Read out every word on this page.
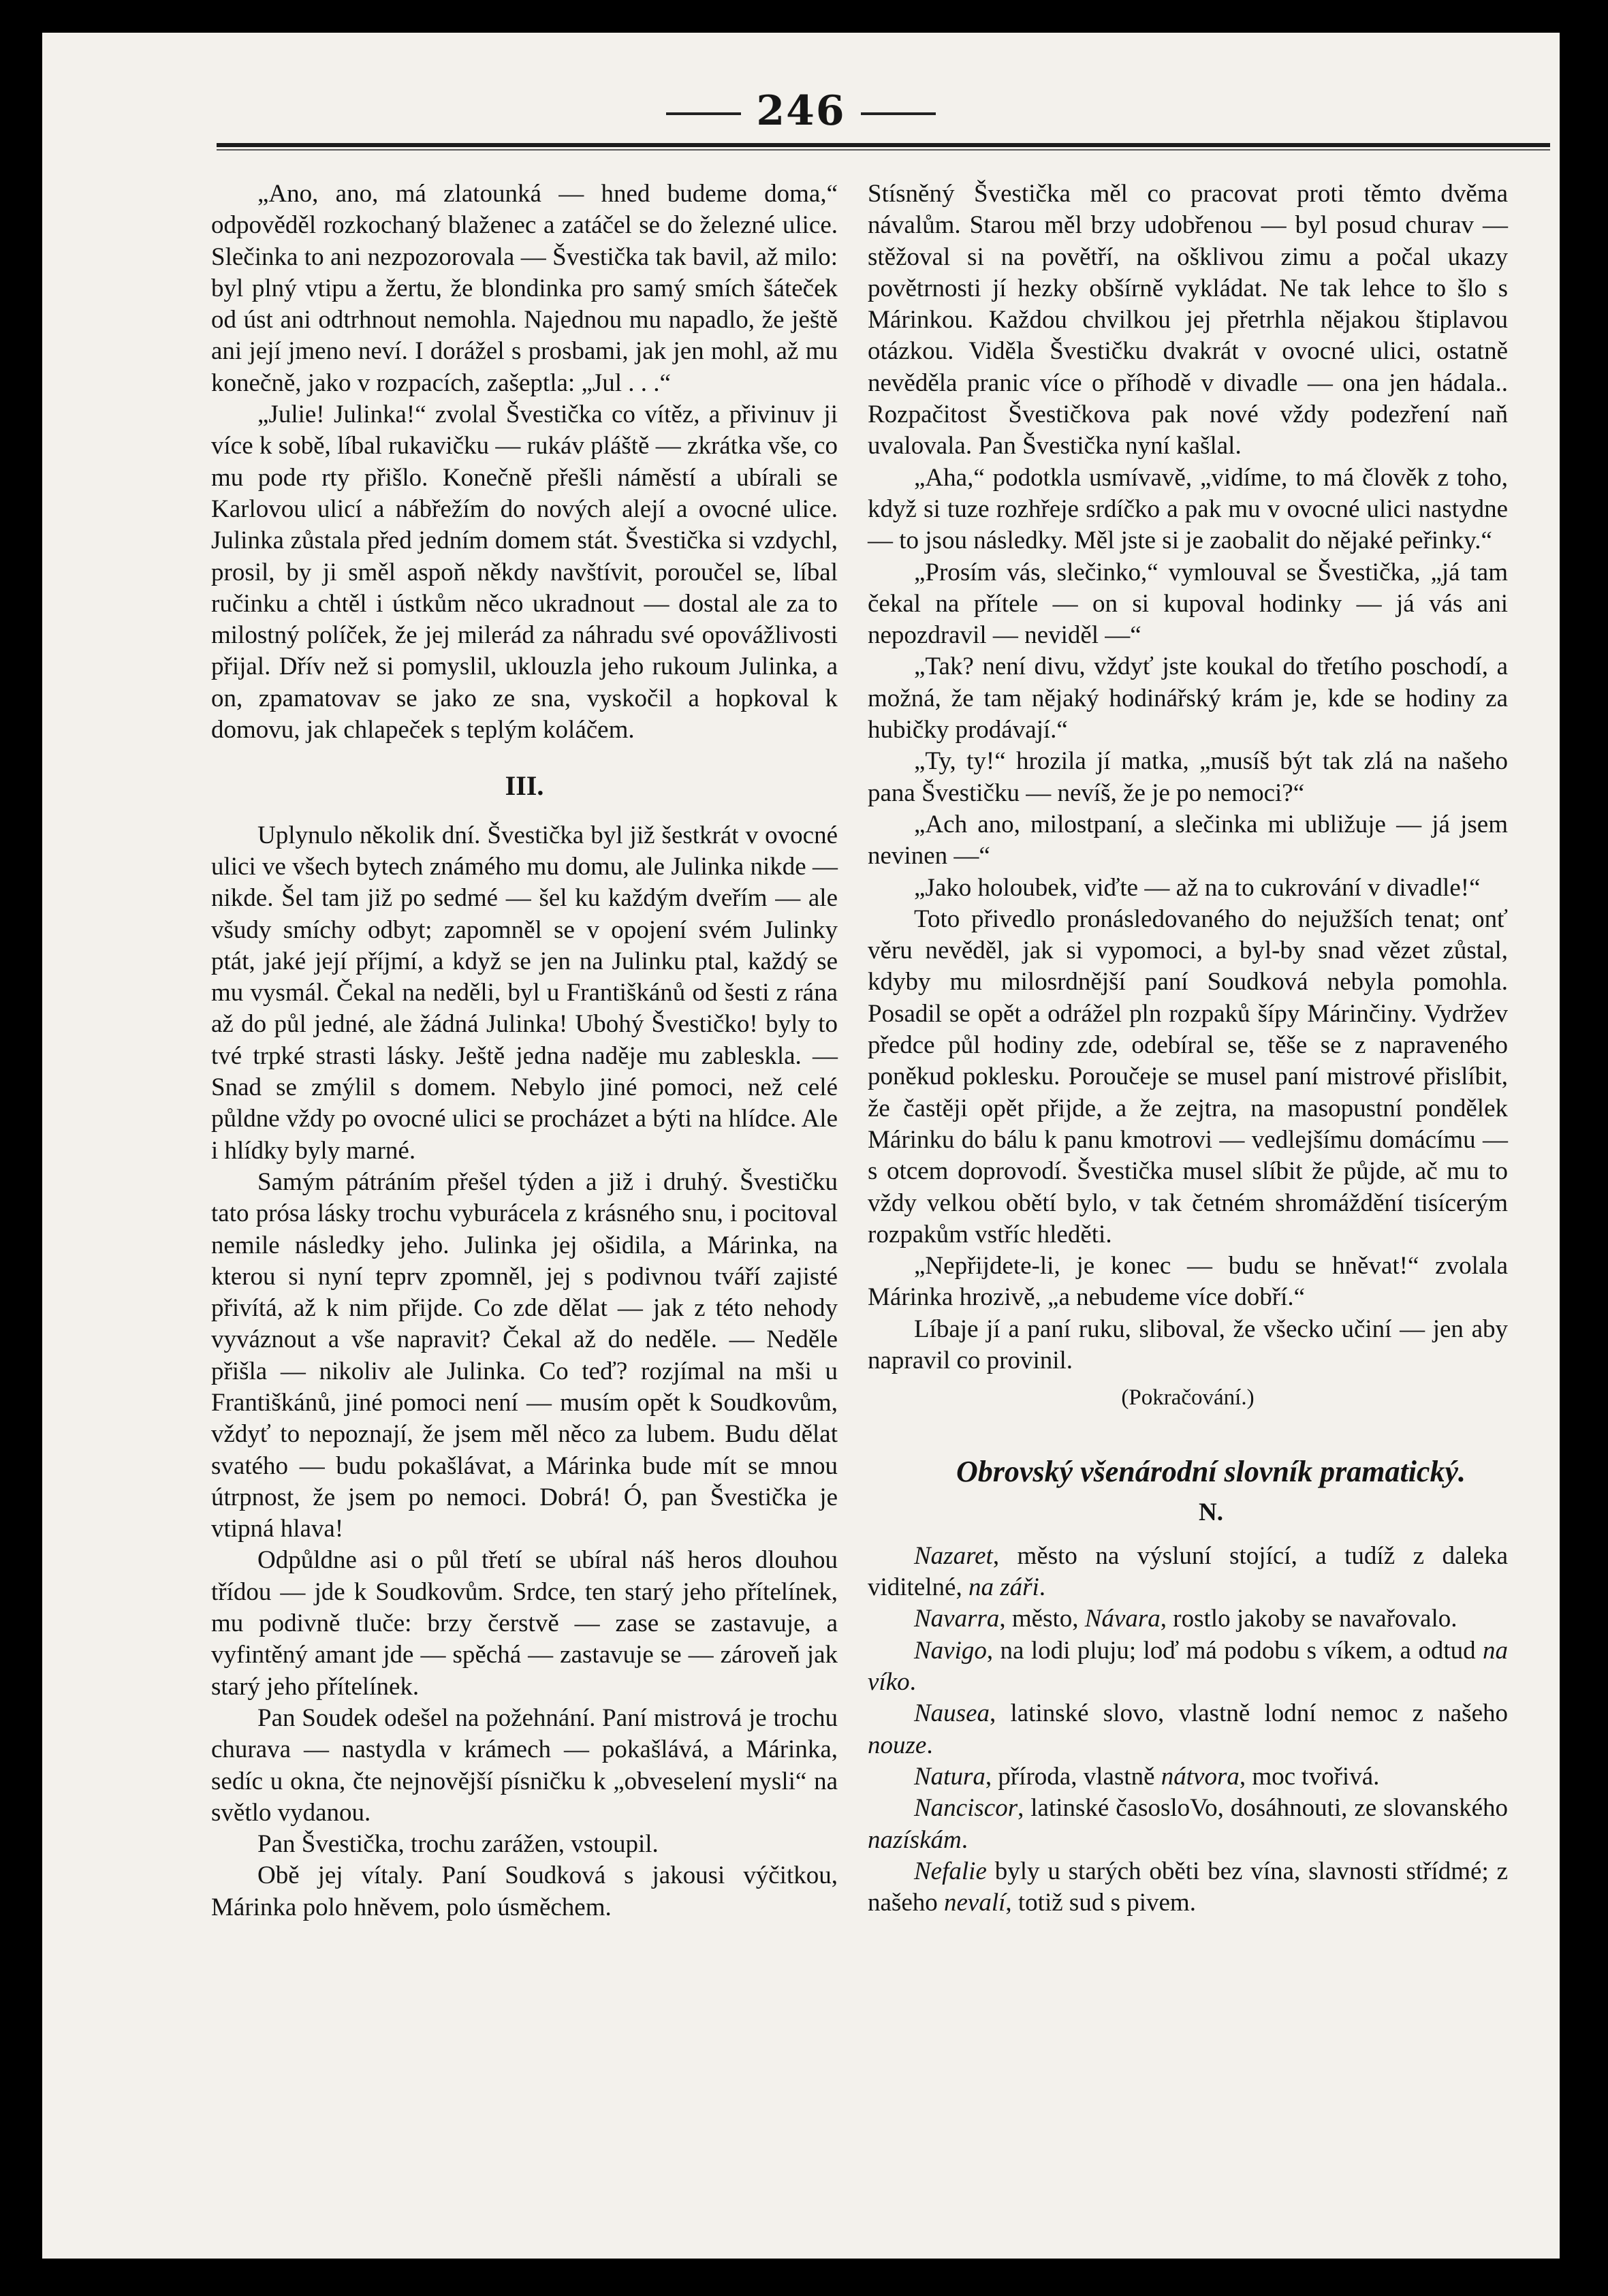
246

„Ano, ano, má zlatounká — hned budeme doma,“ odpověděl rozkochaný blaženec a zatáčel se do železné ulice. Slečinka to ani nezpozorovala — Švestička tak bavil, až milo: byl plný vtipu a žertu, že blondinka pro samý smích šáteček od úst ani odtrhnout nemohla. Najednou mu napadlo, že ještě ani její jmeno neví. I dorážel s prosbami, jak jen mohl, až mu konečně, jako v rozpacích, zašeptla: „Jul . . .“

„Julie! Julinka!“ zvolal Švestička co vítěz, a přivinuv ji více k sobě, líbal rukavičku — rukáv pláště — zkrátka vše, co mu pode rty přišlo. Konečně přešli náměstí a ubírali se Karlovou ulicí a nábřežím do nových alejí a ovocné ulice. Julinka zůstala před jedním domem stát. Švestička si vzdychl, prosil, by ji směl aspoň někdy navštívit, poroučel se, líbal ručinku a chtěl i ústkům něco ukradnout — dostal ale za to milostný políček, že jej milerád za náhradu své opovážlivosti přijal. Dřív než si pomyslil, uklouzla jeho rukoum Julinka, a on, zpamatovav se jako ze sna, vyskočil a hopkoval k domovu, jak chlapeček s teplým koláčem.

III.

Uplynulo několik dní. Švestička byl již šestkrát v ovocné ulici ve všech bytech známého mu domu, ale Julinka nikde — nikde. Šel tam již po sedmé — šel ku každým dveřím — ale všudy smíchy odbyt; zapomněl se v opojení svém Julinky ptát, jaké její příjmí, a když se jen na Julinku ptal, každý se mu vysmál. Čekal na neděli, byl u Františkánů od šesti z rána až do půl jedné, ale žádná Julinka! Ubohý Švestičko! byly to tvé trpké strasti lásky. Ještě jedna naděje mu zableskla. — Snad se zmýlil s domem. Nebylo jiné pomoci, než celé půldne vždy po ovocné ulici se procházet a býti na hlídce. Ale i hlídky byly marné.

Samým pátráním přešel týden a již i druhý. Švestičku tato prósa lásky trochu vyburácela z krásného snu, i pocitoval nemile následky jeho. Julinka jej ošidila, a Márinka, na kterou si nyní teprv zpomněl, jej s podivnou tváří zajisté přivítá, až k nim přijde. Co zde dělat — jak z této nehody vyváznout a vše napravit? Čekal až do neděle. — Neděle přišla — nikoliv ale Julinka. Co teď? rozjímal na mši u Františkánů, jiné pomoci není — musím opět k Soudkovům, vždyť to nepoznají, že jsem měl něco za lubem. Budu dělat svatého — budu pokašlávat, a Márinka bude mít se mnou útrpnost, že jsem po nemoci. Dobrá! Ó, pan Švestička je vtipná hlava!

Odpůldne asi o půl třetí se ubíral náš heros dlouhou třídou — jde k Soudkovům. Srdce, ten starý jeho přítelínek, mu podivně tluče: brzy čerstvě — zase se zastavuje, a vyfintěný amant jde — spěchá — zastavuje se — zároveň jak starý jeho přítelínek.

Pan Soudek odešel na požehnání. Paní mistrová je trochu churava — nastydla v krámech — pokašlává, a Márinka, sedíc u okna, čte nejnovější písničku k „obveselení mysli“ na světlo vydanou.

Pan Švestička, trochu zarážen, vstoupil.

Obě jej vítaly. Paní Soudková s jakousi výčitkou, Márinka polo hněvem, polo úsměchem.

Stísněný Švestička měl co pracovat proti těmto dvěma návalům. Starou měl brzy udobřenou — byl posud churav — stěžoval si na povětří, na ošklivou zimu a počal ukazy povětrnosti jí hezky obšírně vykládat. Ne tak lehce to šlo s Márinkou. Každou chvilkou jej přetrhla nějakou štiplavou otázkou. Viděla Švestičku dvakrát v ovocné ulici, ostatně nevěděla pranic více o příhodě v divadle — ona jen hádala.. Rozpačitost Švestičkova pak nové vždy podezření naň uvalovala. Pan Švestička nyní kašlal.

„Aha,“ podotkla usmívavě, „vidíme, to má člověk z toho, když si tuze rozhřeje srdíčko a pak mu v ovocné ulici nastydne — to jsou následky. Měl jste si je zaobalit do nějaké peřinky.“

„Prosím vás, slečinko,“ vymlouval se Švestička, „já tam čekal na přítele — on si kupoval hodinky — já vás ani nepozdravil — neviděl —“

„Tak? není divu, vždyť jste koukal do třetího poschodí, a možná, že tam nějaký hodinářský krám je, kde se hodiny za hubičky prodávají.“

„Ty, ty!“ hrozila jí matka, „musíš být tak zlá na našeho pana Švestičku — nevíš, že je po nemoci?“

„Ach ano, milostpaní, a slečinka mi ubližuje — já jsem nevinen —“

„Jako holoubek, viďte — až na to cukrování v divadle!“

Toto přivedlo pronásledovaného do nejužších tenat; onť věru nevěděl, jak si vypomoci, a byl-by snad vězet zůstal, kdyby mu milosrdnější paní Soudková nebyla pomohla. Posadil se opět a odrážel pln rozpaků šípy Márinčiny. Vydržev předce půl hodiny zde, odebíral se, těše se z napraveného poněkud poklesku. Poroučeje se musel paní mistrové přislíbit, že častěji opět přijde, a že zejtra, na masopustní pondělek Márinku do bálu k panu kmotrovi — vedlejšímu domácímu — s otcem doprovodí. Švestička musel slíbit že půjde, ač mu to vždy velkou obětí bylo, v tak četném shromáždění tisícerým rozpakům vstříc hleděti.

„Nepřijdete-li, je konec — budu se hněvat!“ zvolala Márinka hrozivě, „a nebudeme více dobří.“

Líbaje jí a paní ruku, sliboval, že všecko učiní — jen aby napravil co provinil.

(Pokračování.)

Obrovský všenárodní slovník pramatický.

N.

Nazaret, město na výsluní stojící, a tudíž z daleka viditelné, na záři.

Navarra, město, Návara, rostlo jakoby se navařovalo.

Navigo, na lodi pluju; loď má podobu s víkem, a odtud na víko.

Nausea, latinské slovo, vlastně lodní nemoc z našeho nouze.

Natura, příroda, vlastně nátvora, moc tvořivá.

Nanciscor, latinské časosloVo, dosáhnouti, ze slovanského nazískám.

Nefalie byly u starých oběti bez vína, slavnosti střídmé; z našeho nevalí, totiž sud s pivem.
